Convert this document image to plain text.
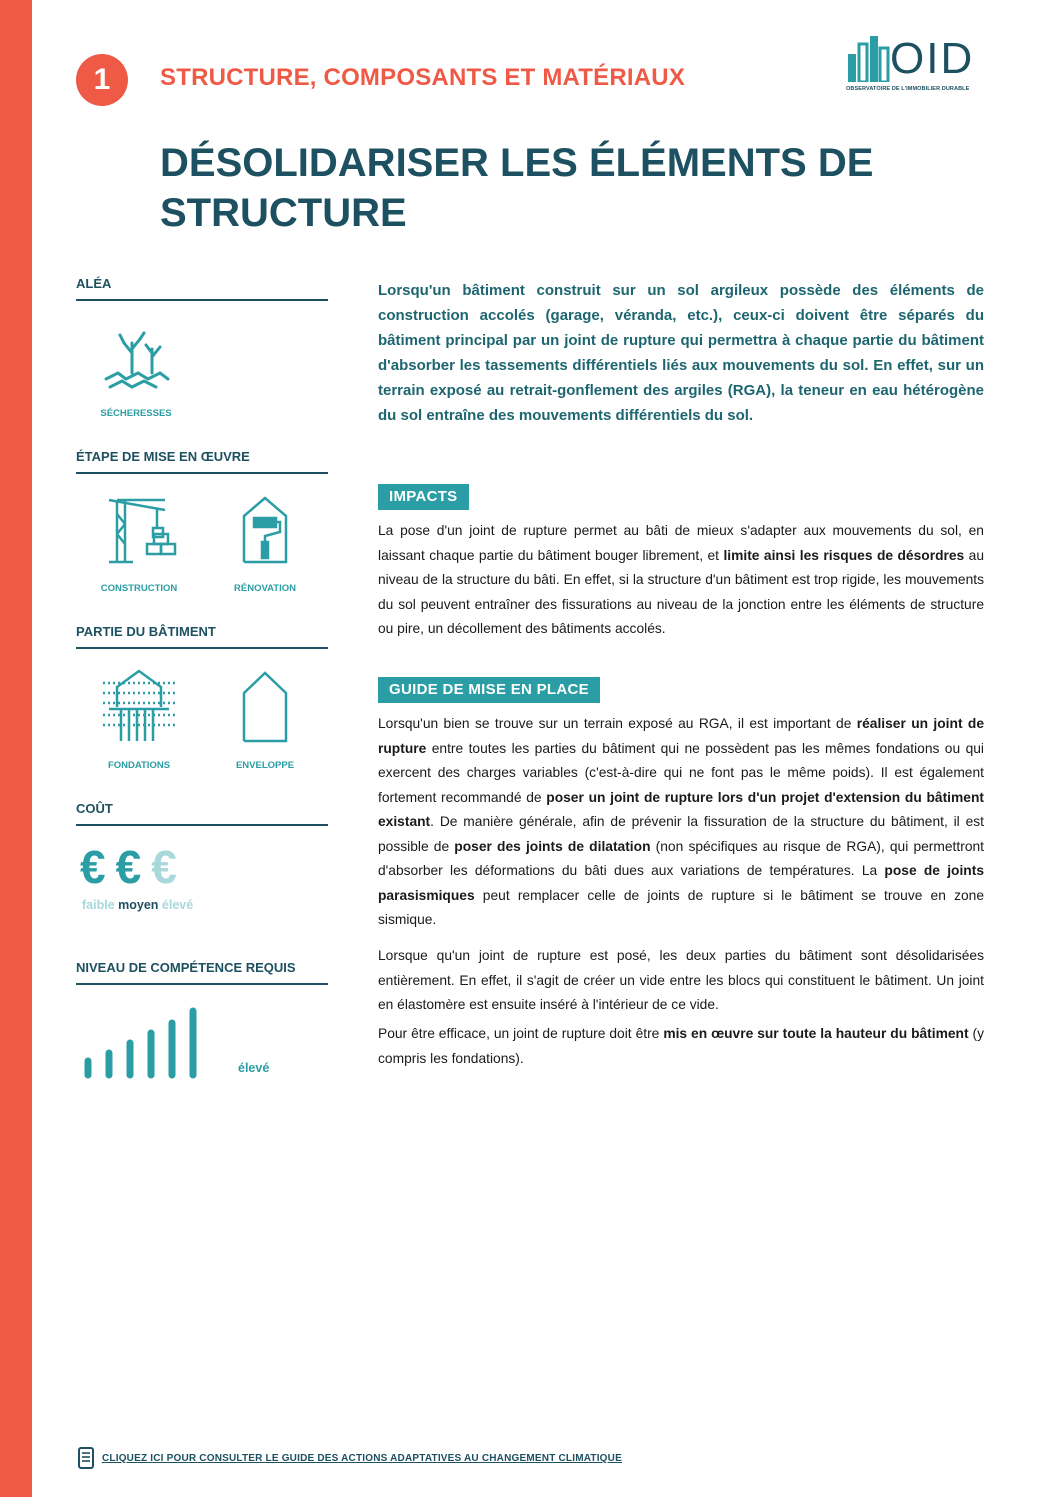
1	STRUCTURE, COMPOSANTS ET MATÉRIAUX	OID
OBSERVATOIRE DE L'IMMOBILIER DURABLE
DÉSOLIDARISER LES ÉLÉMENTS DE STRUCTURE
ALÉA
SÉCHERESSES
ÉTAPE DE MISE EN ŒUVRE
CONSTRUCTION	RÉNOVATION
PARTIE DU BÂTIMENT
FONDATIONS	ENVELOPPE
COÛT
€ € €
faible moyen élevé
NIVEAU DE COMPÉTENCE REQUIS
élevé
Lorsqu'un bâtiment construit sur un sol argileux possède des éléments de construction accolés (garage, véranda, etc.), ceux-ci doivent être séparés du bâtiment principal par un joint de rupture qui permettra à chaque partie du bâtiment d'absorber les tassements différentiels liés aux mouvements du sol. En effet, sur un terrain exposé au retrait-gonflement des argiles (RGA), la teneur en eau hétérogène du sol entraîne des mouvements différentiels du sol.
IMPACTS

La pose d'un joint de rupture permet au bâti de mieux s'adapter aux mouvements du sol, en laissant chaque partie du bâtiment bouger librement, et limite ainsi les risques de désordres au niveau de la structure du bâti. En effet, si la structure d'un bâtiment est trop rigide, les mouvements du sol peuvent entraîner des fissurations au niveau de la jonction entre les éléments de structure ou pire, un décollement des bâtiments accolés.

GUIDE DE MISE EN PLACE

Lorsqu'un bien se trouve sur un terrain exposé au RGA, il est important de réaliser un joint de rupture entre toutes les parties du bâtiment qui ne possèdent pas les mêmes fondations ou qui exercent des charges variables (c'est-à-dire qui ne font pas le même poids). Il est également fortement recommandé de poser un joint de rupture lors d'un projet d'extension du bâtiment existant. De manière générale, afin de prévenir la fissuration de la structure du bâtiment, il est possible de poser des joints de dilatation (non spécifiques au risque de RGA), qui permettront d'absorber les déformations du bâti dues aux variations de températures. La pose de joints parasismiques peut remplacer celle de joints de rupture si le bâtiment se trouve en zone sismique.

Lorsque qu'un joint de rupture est posé, les deux parties du bâtiment sont désolidarisées entièrement. En effet, il s'agit de créer un vide entre les blocs qui constituent le bâtiment. Un joint en élastomère est ensuite inséré à l'intérieur de ce vide.

Pour être efficace, un joint de rupture doit être mis en œuvre sur toute la hauteur du bâtiment (y compris les fondations).

CLIQUEZ ICI POUR CONSULTER LE GUIDE DES ACTIONS ADAPTATIVES AU CHANGEMENT CLIMATIQUE
